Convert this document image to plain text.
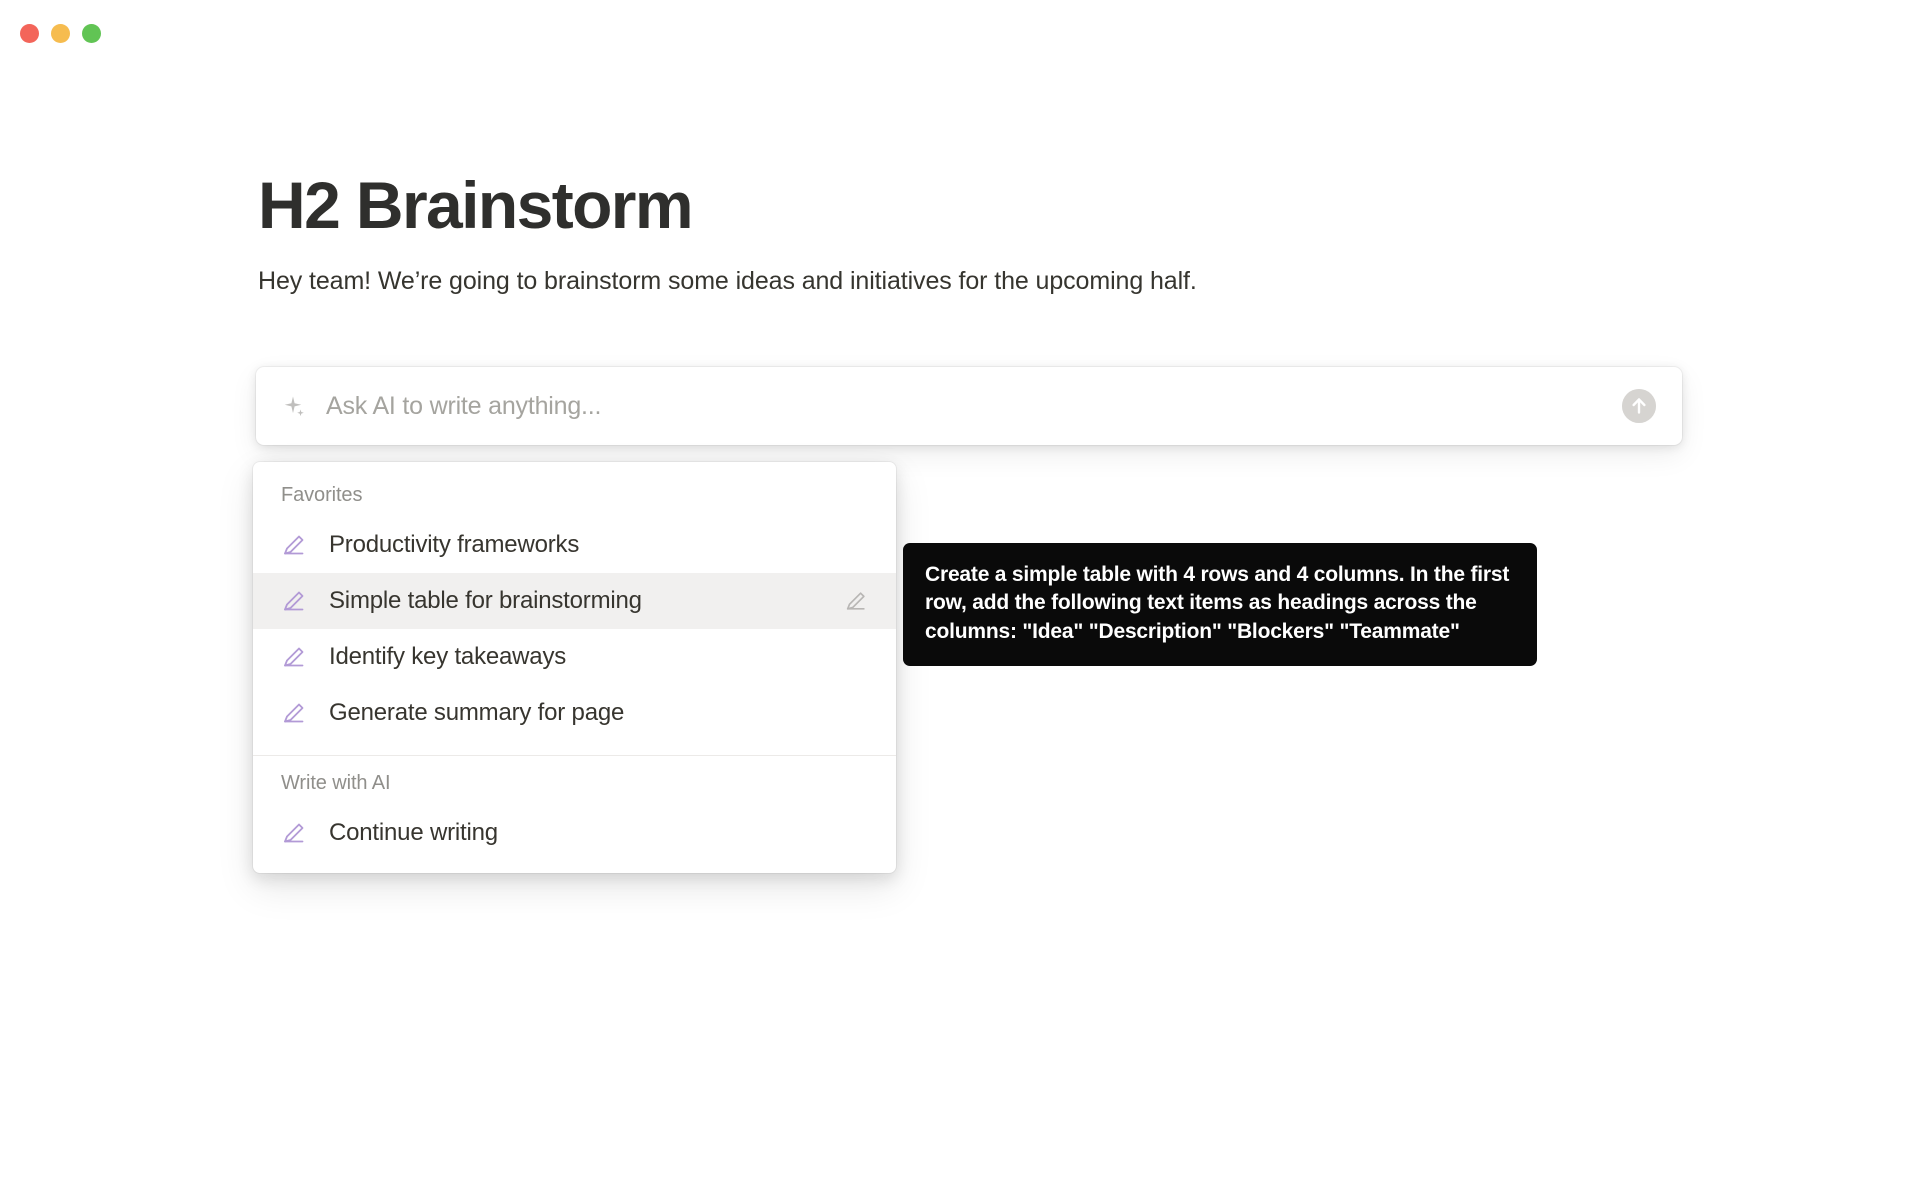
H2 Brainstorm

Hey team! We’re going to brainstorm some ideas and initiatives for the upcoming half.

Ask AI to write anything...
Favorites
Productivity frameworks
Simple table for brainstorming
Identify key takeaways
Generate summary for page
Write with AI
Continue writing
Create a simple table with 4 rows and 4 columns. In the first row, add the following text items as headings across the columns: "Idea" "Description" "Blockers" "Teammate"
